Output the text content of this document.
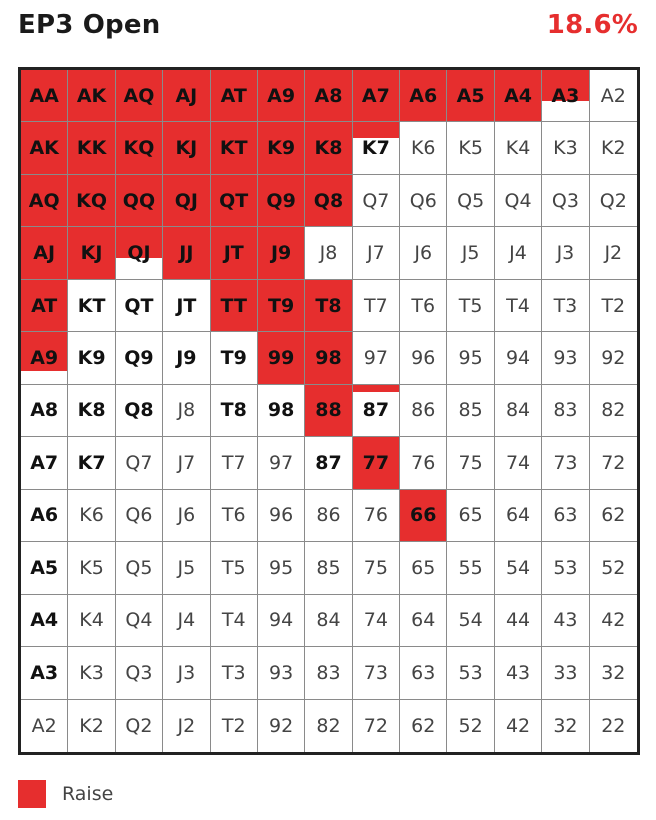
EP3 Open	18.6%
AA AK AQ	AJ	AT	A9	A8	A7	A6	A5	A4	A3	A2
AK KK KQ	KJ	KT	K9	K8	K7	K6	K5	K4	K3	K2
AQ KQ QQ	QJ	QT Q9 Q8	Q7	Q6	Q5	Q4	Q3	Q2
AJ	KJ	QJ	JJ	JT	J9	J8	J7	J6	J5	J4	J3	J2
AT	KT QT	JT	TT	T9	T8	T7	T6	T5	T4	T3	T2
A9	K9 Q9	J9	T9	99	98	97	96	95	94	93	92
A8	K8 Q8	J8	T8	98	88	87	86	85	84	83	82
A7	K7	Q7	J7	T7	97	87	77	76	75	74	73	72
A6	K6	Q6	J6	T6	96	86	76	66	65	64	63	62
A5	K5	Q5	J5	T5	95	85	75	65	55	54	53	52
A4	K4	Q4	J4	T4	94	84	74	64	54	44	43	42
A3	K3	Q3	J3	T3	93	83	73	63	53	43	33	32
A2	K2	Q2	J2	T2	92	82	72	62	52	42	32	22
Raise
